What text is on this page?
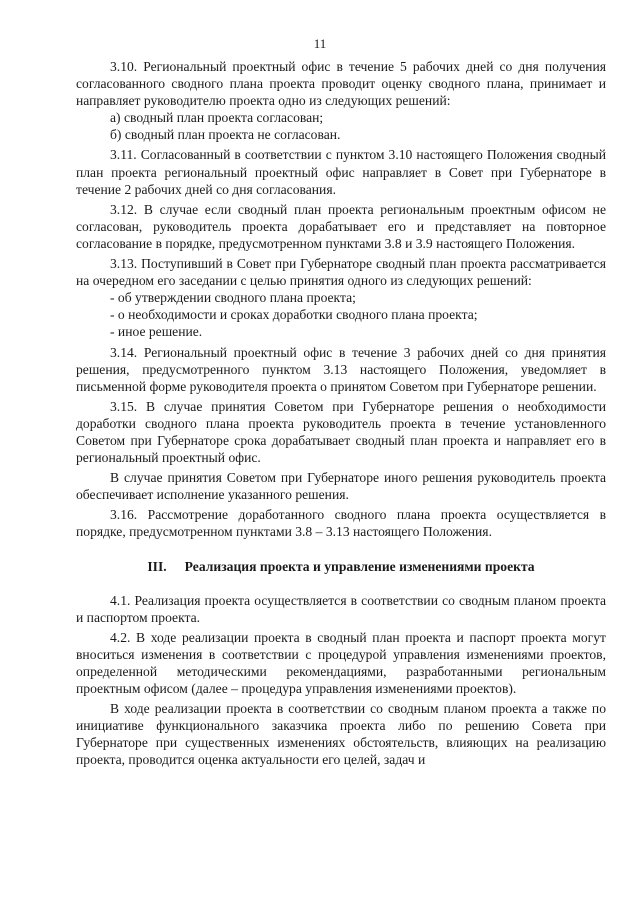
11

3.10. Региональный проектный офис в течение 5 рабочих дней со дня получения согласованного сводного плана проекта проводит оценку сводного плана, принимает и направляет руководителю проекта одно из следующих решений:

а) сводный план проекта согласован;

б) сводный план проекта не согласован.

3.11. Согласованный в соответствии с пунктом 3.10 настоящего Положения сводный план проекта региональный проектный офис направляет в Совет при Губернаторе в течение 2 рабочих дней со дня согласования.

3.12. В случае если сводный план проекта региональным проектным офисом не согласован, руководитель проекта дорабатывает его и представляет на повторное согласование в порядке, предусмотренном пунктами 3.8 и 3.9 настоящего Положения.

3.13. Поступивший в Совет при Губернаторе сводный план проекта рассматривается на очередном его заседании с целью принятия одного из следующих решений:

- об утверждении сводного плана проекта;

- о необходимости и сроках доработки сводного плана проекта;

- иное решение.

3.14. Региональный проектный офис в течение 3 рабочих дней со дня принятия решения, предусмотренного пунктом 3.13 настоящего Положения, уведомляет в письменной форме руководителя проекта о принятом Советом при Губернаторе решении.

3.15. В случае принятия Советом при Губернаторе решения о необходимости доработки сводного плана проекта руководитель проекта в течение установленного Советом при Губернаторе срока дорабатывает сводный план проекта и направляет его в региональный проектный офис.

В случае принятия Советом при Губернаторе иного решения руководитель проекта обеспечивает исполнение указанного решения.

3.16. Рассмотрение доработанного сводного плана проекта осуществляется в порядке, предусмотренном пунктами 3.8 – 3.13 настоящего Положения.

III. Реализация проекта и управление изменениями проекта

4.1. Реализация проекта осуществляется в соответствии со сводным планом проекта и паспортом проекта.

4.2. В ходе реализации проекта в сводный план проекта и паспорт проекта могут вноситься изменения в соответствии с процедурой управления изменениями проектов, определенной методическими рекомендациями, разработанными региональным проектным офисом (далее – процедура управления изменениями проектов).

В ходе реализации проекта в соответствии со сводным планом проекта а также по инициативе функционального заказчика проекта либо по решению Совета при Губернаторе при существенных изменениях обстоятельств, влияющих на реализацию проекта, проводится оценка актуальности его целей, задач и
